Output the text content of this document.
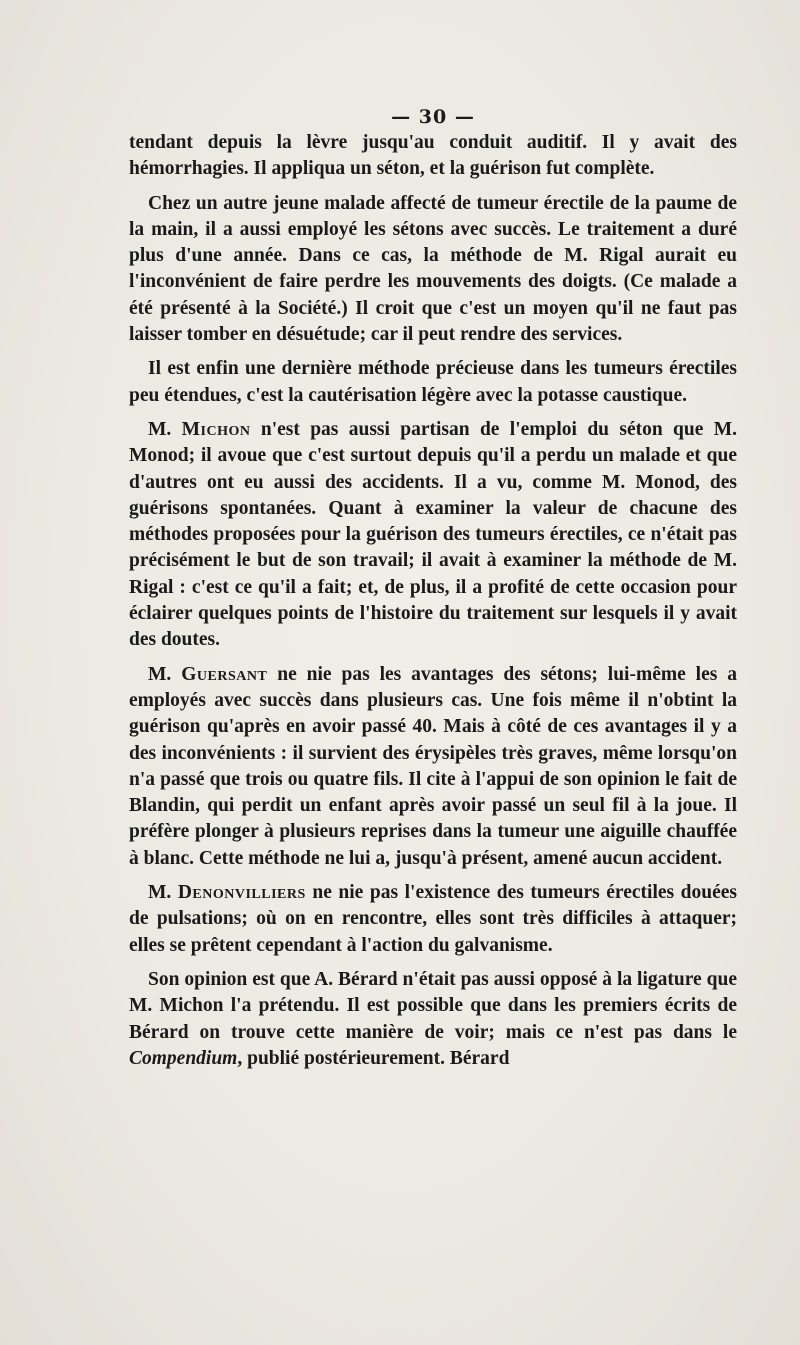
— 30 —

tendant depuis la lèvre jusqu'au conduit auditif. Il y avait des hémorrhagies. Il appliqua un séton, et la guérison fut complète.

Chez un autre jeune malade affecté de tumeur érectile de la paume de la main, il a aussi employé les sétons avec succès. Le traitement a duré plus d'une année. Dans ce cas, la méthode de M. Rigal aurait eu l'inconvénient de faire perdre les mouvements des doigts. (Ce malade a été présenté à la Société.) Il croit que c'est un moyen qu'il ne faut pas laisser tomber en désuétude; car il peut rendre des services.

Il est enfin une dernière méthode précieuse dans les tumeurs érectiles peu étendues, c'est la cautérisation légère avec la potasse caustique.

M. Michon n'est pas aussi partisan de l'emploi du séton que M. Monod; il avoue que c'est surtout depuis qu'il a perdu un malade et que d'autres ont eu aussi des accidents. Il a vu, comme M. Monod, des guérisons spontanées. Quant à examiner la valeur de chacune des méthodes proposées pour la guérison des tumeurs érectiles, ce n'était pas précisément le but de son travail; il avait à examiner la méthode de M. Rigal : c'est ce qu'il a fait; et, de plus, il a profité de cette occasion pour éclairer quelques points de l'histoire du traitement sur lesquels il y avait des doutes.

M. Guersant ne nie pas les avantages des sétons; lui-même les a employés avec succès dans plusieurs cas. Une fois même il n'obtint la guérison qu'après en avoir passé 40. Mais à côté de ces avantages il y a des inconvénients : il survient des érysipèles très graves, même lorsqu'on n'a passé que trois ou quatre fils. Il cite à l'appui de son opinion le fait de Blandin, qui perdit un enfant après avoir passé un seul fil à la joue. Il préfère plonger à plusieurs reprises dans la tumeur une aiguille chauffée à blanc. Cette méthode ne lui a, jusqu'à présent, amené aucun accident.

M. Denonvilliers ne nie pas l'existence des tumeurs érectiles douées de pulsations; où on en rencontre, elles sont très difficiles à attaquer; elles se prêtent cependant à l'action du galvanisme.

Son opinion est que A. Bérard n'était pas aussi opposé à la ligature que M. Michon l'a prétendu. Il est possible que dans les premiers écrits de Bérard on trouve cette manière de voir; mais ce n'est pas dans le Compendium, publié postérieurement. Bérard
